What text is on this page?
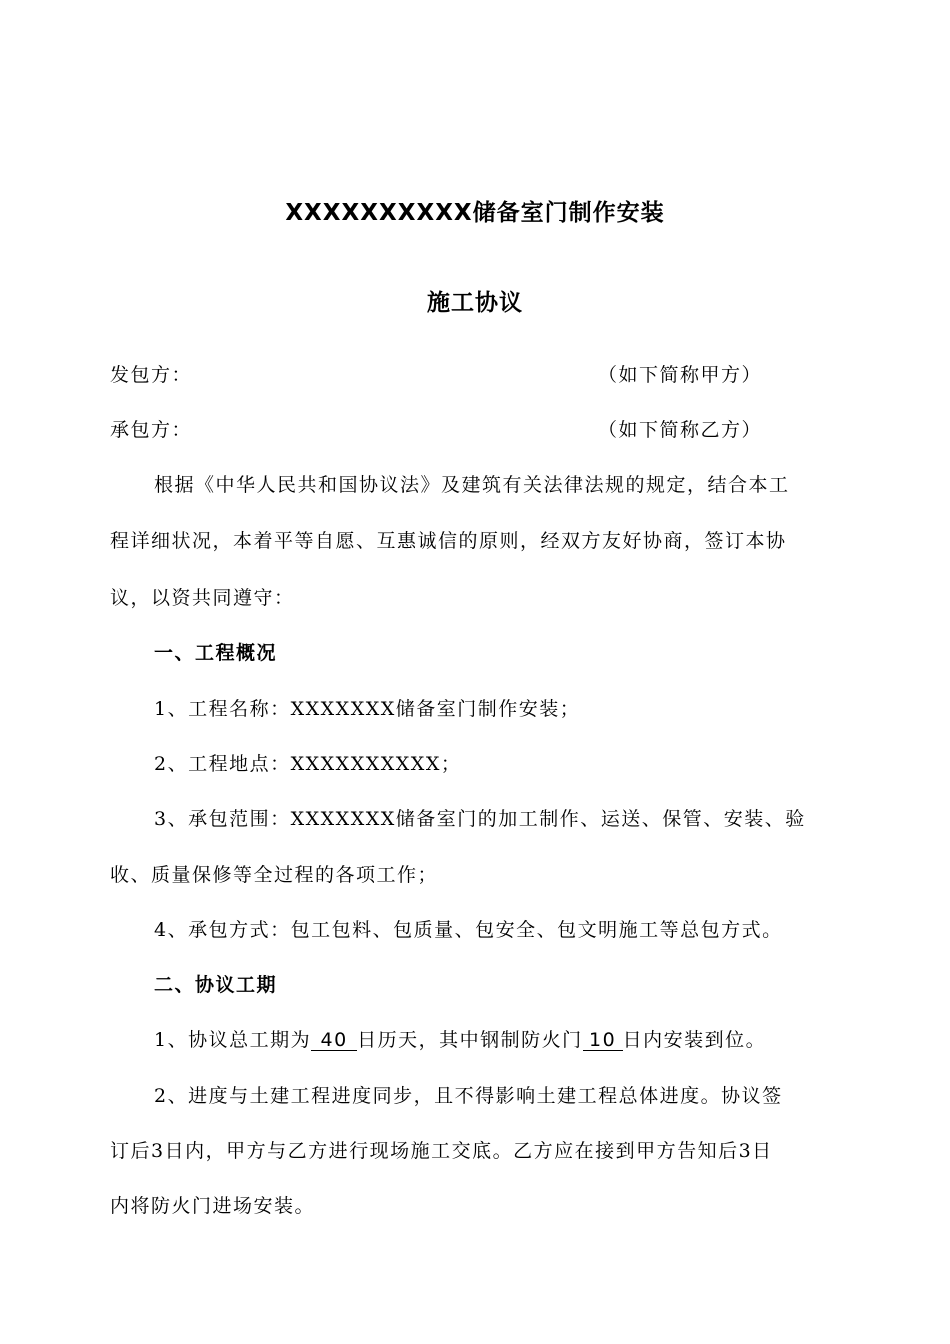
XXXXXXXXXX储备室门制作安装
施工协议
发包方：	（如下简称甲方）
承包方：	（如下简称乙方）
根据《中华人民共和国协议法》及建筑有关法律法规的规定，结合本工
程详细状况，本着平等自愿、互惠诚信的原则，经双方友好协商，签订本协
议，以资共同遵守：
一、工程概况
1、工程名称：XXXXXXX储备室门制作安装；
2、工程地点：XXXXXXXXXX；
3、承包范围：XXXXXXX储备室门的加工制作、运送、保管、安装、验
收、质量保修等全过程的各项工作；
4、承包方式：包工包料、包质量、包安全、包文明施工等总包方式。
二、协议工期
1、协议总工期为 40 日历天，其中钢制防火门 10 日内安装到位。
2、进度与土建工程进度同步，且不得影响土建工程总体进度。协议签
订后3日内，甲方与乙方进行现场施工交底。乙方应在接到甲方告知后3日
内将防火门进场安装。
